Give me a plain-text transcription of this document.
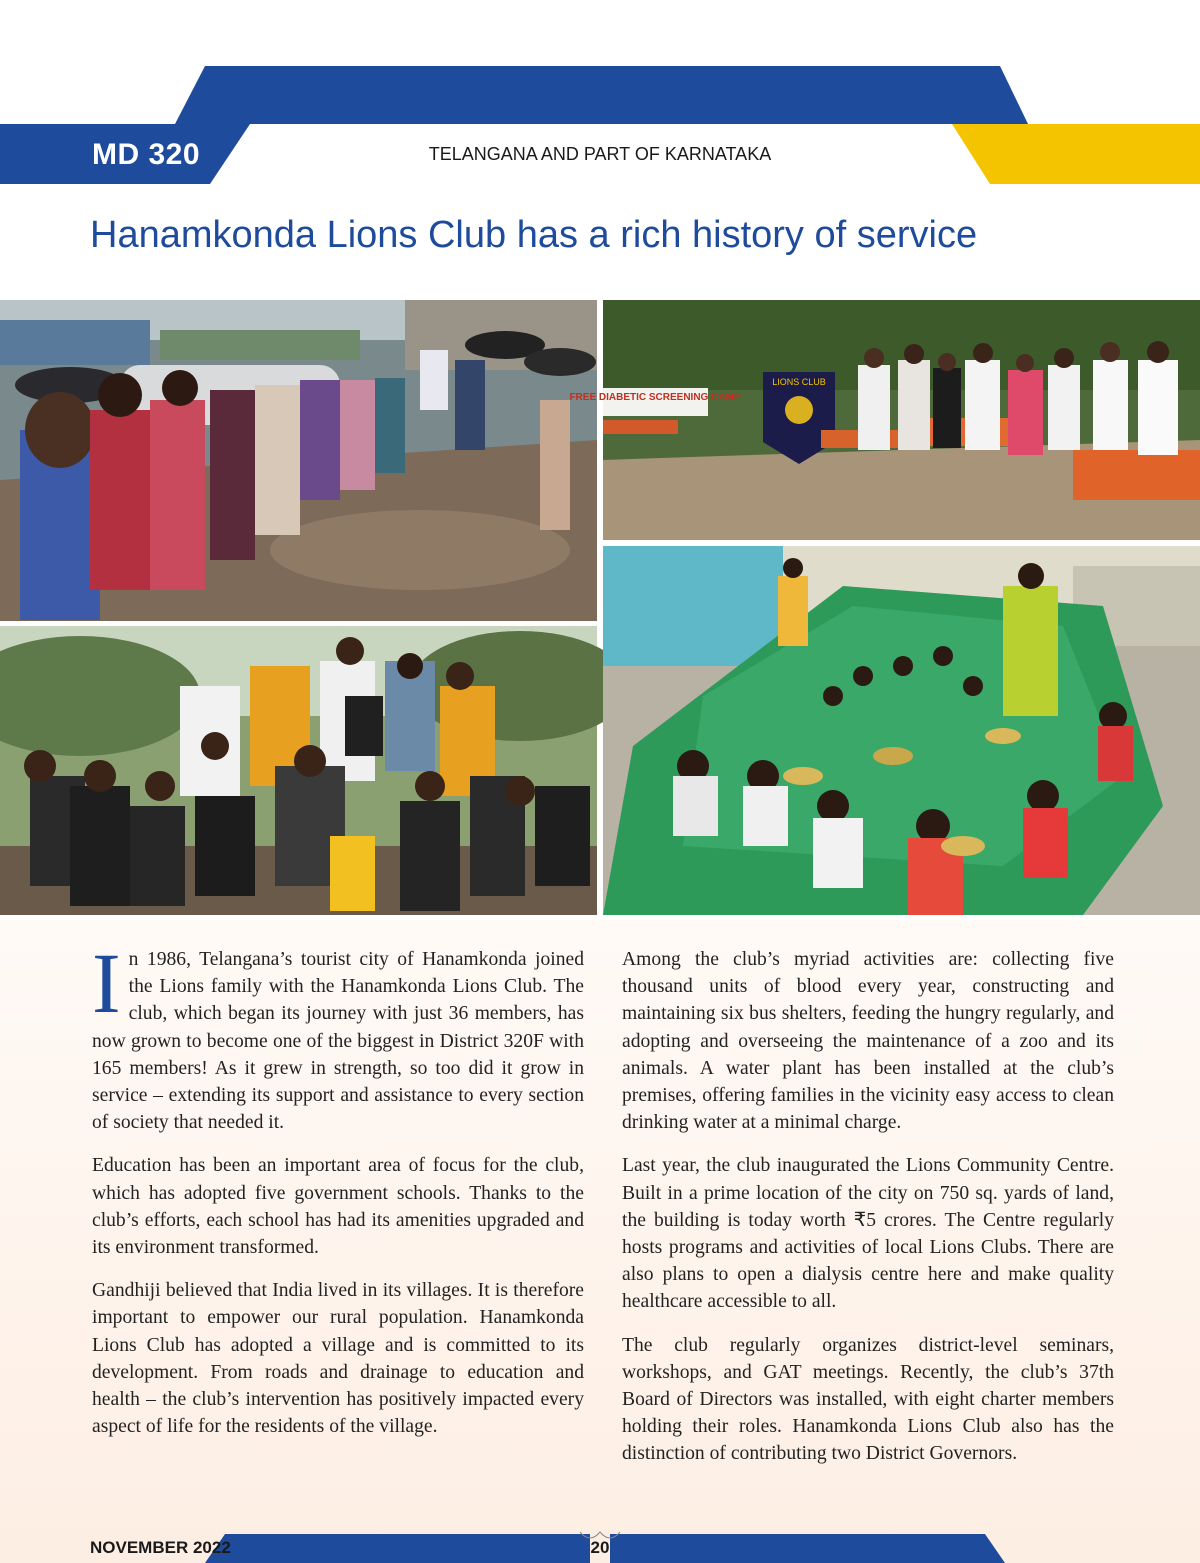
MD 320	TELANGANA AND PART OF KARNATAKA
Hanamkonda Lions Club has a rich history of service
FREE DIABETIC SCREENING CAMP
LIONS CLUB

In 1986, Telangana’s tourist city of Hanamkonda joined the Lions family with the Hanamkonda Lions Club. The club, which began its journey with just 36 members, has now grown to become one of the biggest in District 320F with 165 members! As it grew in strength, so too did it grow in service – extending its support and assistance to every section of society that needed it.

Education has been an important area of focus for the club, which has adopted five government schools. Thanks to the club’s efforts, each school has had its amenities upgraded and its environment transformed.

Gandhiji believed that India lived in its villages. It is therefore important to empower our rural population. Hanamkonda Lions Club has adopted a village and is committed to its development. From roads and drainage to education and health – the club’s intervention has positively impacted every aspect of life for the residents of the village.

Among the club’s myriad activities are: collecting five thousand units of blood every year, constructing and maintaining six bus shelters, feeding the hungry regularly, and adopting and overseeing the maintenance of a zoo and its animals. A water plant has been installed at the club’s premises, offering families in the vicinity easy access to clean drinking water at a minimal charge.

Last year, the club inaugurated the Lions Community Centre. Built in a prime location of the city on 750 sq. yards of land, the building is today worth ₹5 crores. The Centre regularly hosts programs and activities of local Lions Clubs. There are also plans to open a dialysis centre here and make quality healthcare accessible to all.

The club regularly organizes district-level seminars, workshops, and GAT meetings. Recently, the club’s 37th Board of Directors was installed, with eight charter members holding their roles. Hanamkonda Lions Club also has the distinction of contributing two District Governors.

NOVEMBER 2022 THE LION	20
